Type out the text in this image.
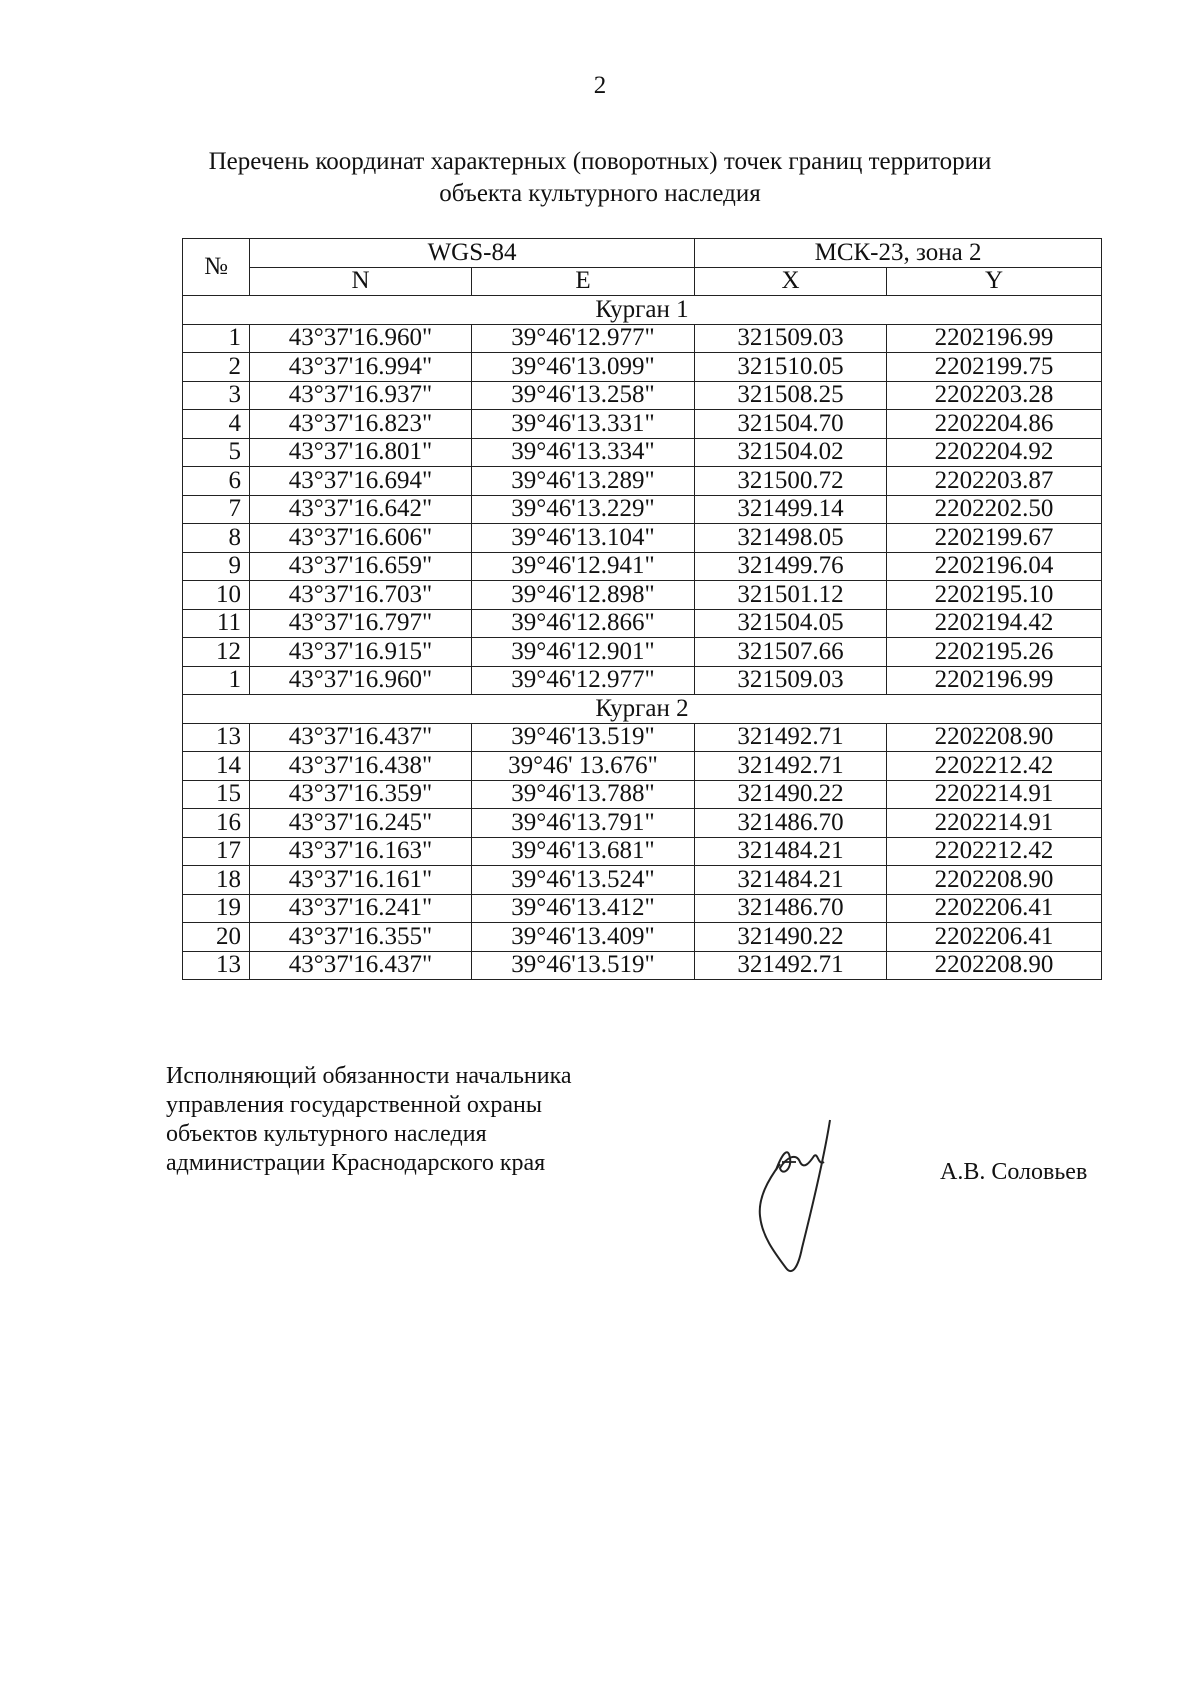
2
Перечень координат характерных (поворотных) точек границ территории
объекта культурного наследия
№	WGS-84		МСК-23, зона 2	
	N	E	X	Y
Курган 1				
1	43°37'16.960"	39°46'12.977"	321509.03	2202196.99
2	43°37'16.994"	39°46'13.099"	321510.05	2202199.75
3	43°37'16.937"	39°46'13.258"	321508.25	2202203.28
4	43°37'16.823"	39°46'13.331"	321504.70	2202204.86
5	43°37'16.801"	39°46'13.334"	321504.02	2202204.92
6	43°37'16.694"	39°46'13.289"	321500.72	2202203.87
7	43°37'16.642"	39°46'13.229"	321499.14	2202202.50
8	43°37'16.606"	39°46'13.104"	321498.05	2202199.67
9	43°37'16.659"	39°46'12.941"	321499.76	2202196.04
10	43°37'16.703"	39°46'12.898"	321501.12	2202195.10
11	43°37'16.797"	39°46'12.866"	321504.05	2202194.42
12	43°37'16.915"	39°46'12.901"	321507.66	2202195.26
1	43°37'16.960"	39°46'12.977"	321509.03	2202196.99
Курган 2				
13	43°37'16.437"	39°46'13.519"	321492.71	2202208.90
14	43°37'16.438"	39°46' 13.676"	321492.71	2202212.42
15	43°37'16.359"	39°46'13.788"	321490.22	2202214.91
16	43°37'16.245"	39°46'13.791"	321486.70	2202214.91
17	43°37'16.163"	39°46'13.681"	321484.21	2202212.42
18	43°37'16.161"	39°46'13.524"	321484.21	2202208.90
19	43°37'16.241"	39°46'13.412"	321486.70	2202206.41
20	43°37'16.355"	39°46'13.409"	321490.22	2202206.41
13	43°37'16.437"	39°46'13.519"	321492.71	2202208.90
Исполняющий обязанности начальника
управления государственной охраны
объектов культурного наследия
администрации Краснодарского края	А.В. Соловьев
